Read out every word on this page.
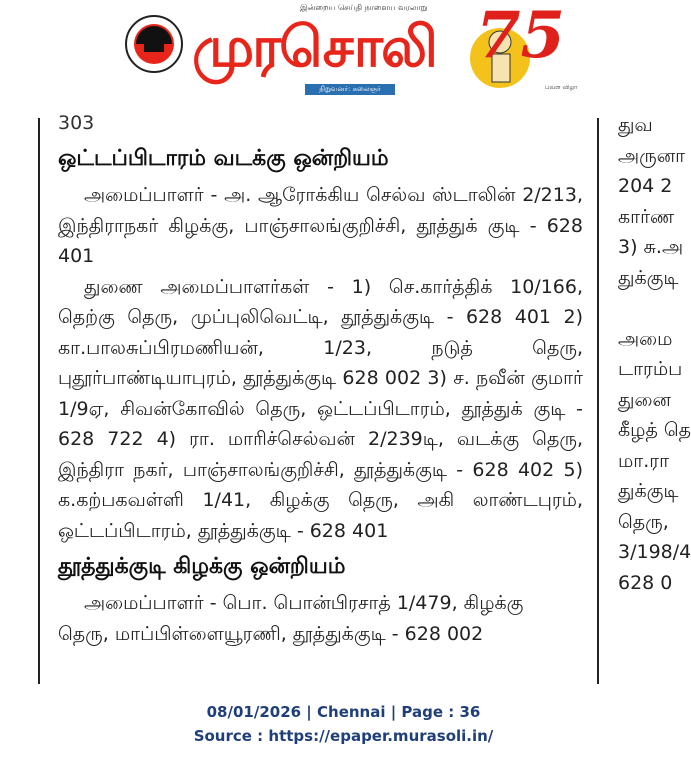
இன்றைய செய்தி நாளைய வரலாறு
முரசொலி
நிறுவனர்: கலைஞர் மு.கருணாநிதி
75
பவள விழா

303

ஒட்டப்பிடாரம் வடக்கு ஒன்றியம்

அமைப்பாளர் - அ. ஆரோக்கிய செல்வ ஸ்டாலின் 2/213, இந்திராநகர் கிழக்கு, பாஞ்சாலங்குறிச்சி, தூத்துக் குடி - 628 401

துணை அமைப்பாளர்கள் - 1) செ.கார்த்திக் 10/166, தெற்கு தெரு, முப்புலிவெட்டி, தூத்துக்குடி - 628 401 2) கா.பாலசுப்பிரமணியன், 1/23, நடுத் தெரு, புதூர்பாண்டியாபுரம், தூத்துக்குடி 628 002 3) ச. நவீன் குமார் 1/9ஏ, சிவன்கோவில் தெரு, ஒட்டப்பிடாரம், தூத்துக் குடி - 628 722 4) ரா. மாரிச்செல்வன் 2/239டி, வடக்கு தெரு, இந்திரா நகர், பாஞ்சாலங்குறிச்சி, தூத்துக்குடி - 628 402 5) க.கற்பகவள்ளி 1/41, கிழக்கு தெரு, அகி லாண்டபுரம், ஒட்டப்பிடாரம், தூத்துக்குடி - 628 401

தூத்துக்குடி கிழக்கு ஒன்றியம்

அமைப்பாளர் - பொ. பொன்பிரசாத் 1/479, கிழக்கு

தெரு, மாப்பிள்ளையூரணி, தூத்துக்குடி - 628 002

துவ
அருனா
204 2
கார்ண
3) சு.அ
துக்குடி
அமை
டாரம்ப
துனை
கீழத் தெ
மா.ரா
துக்குடி
தெரு,
3/198/4
628 0
08/01/2026 | Chennai | Page : 36
Source : https://epaper.murasoli.in/
